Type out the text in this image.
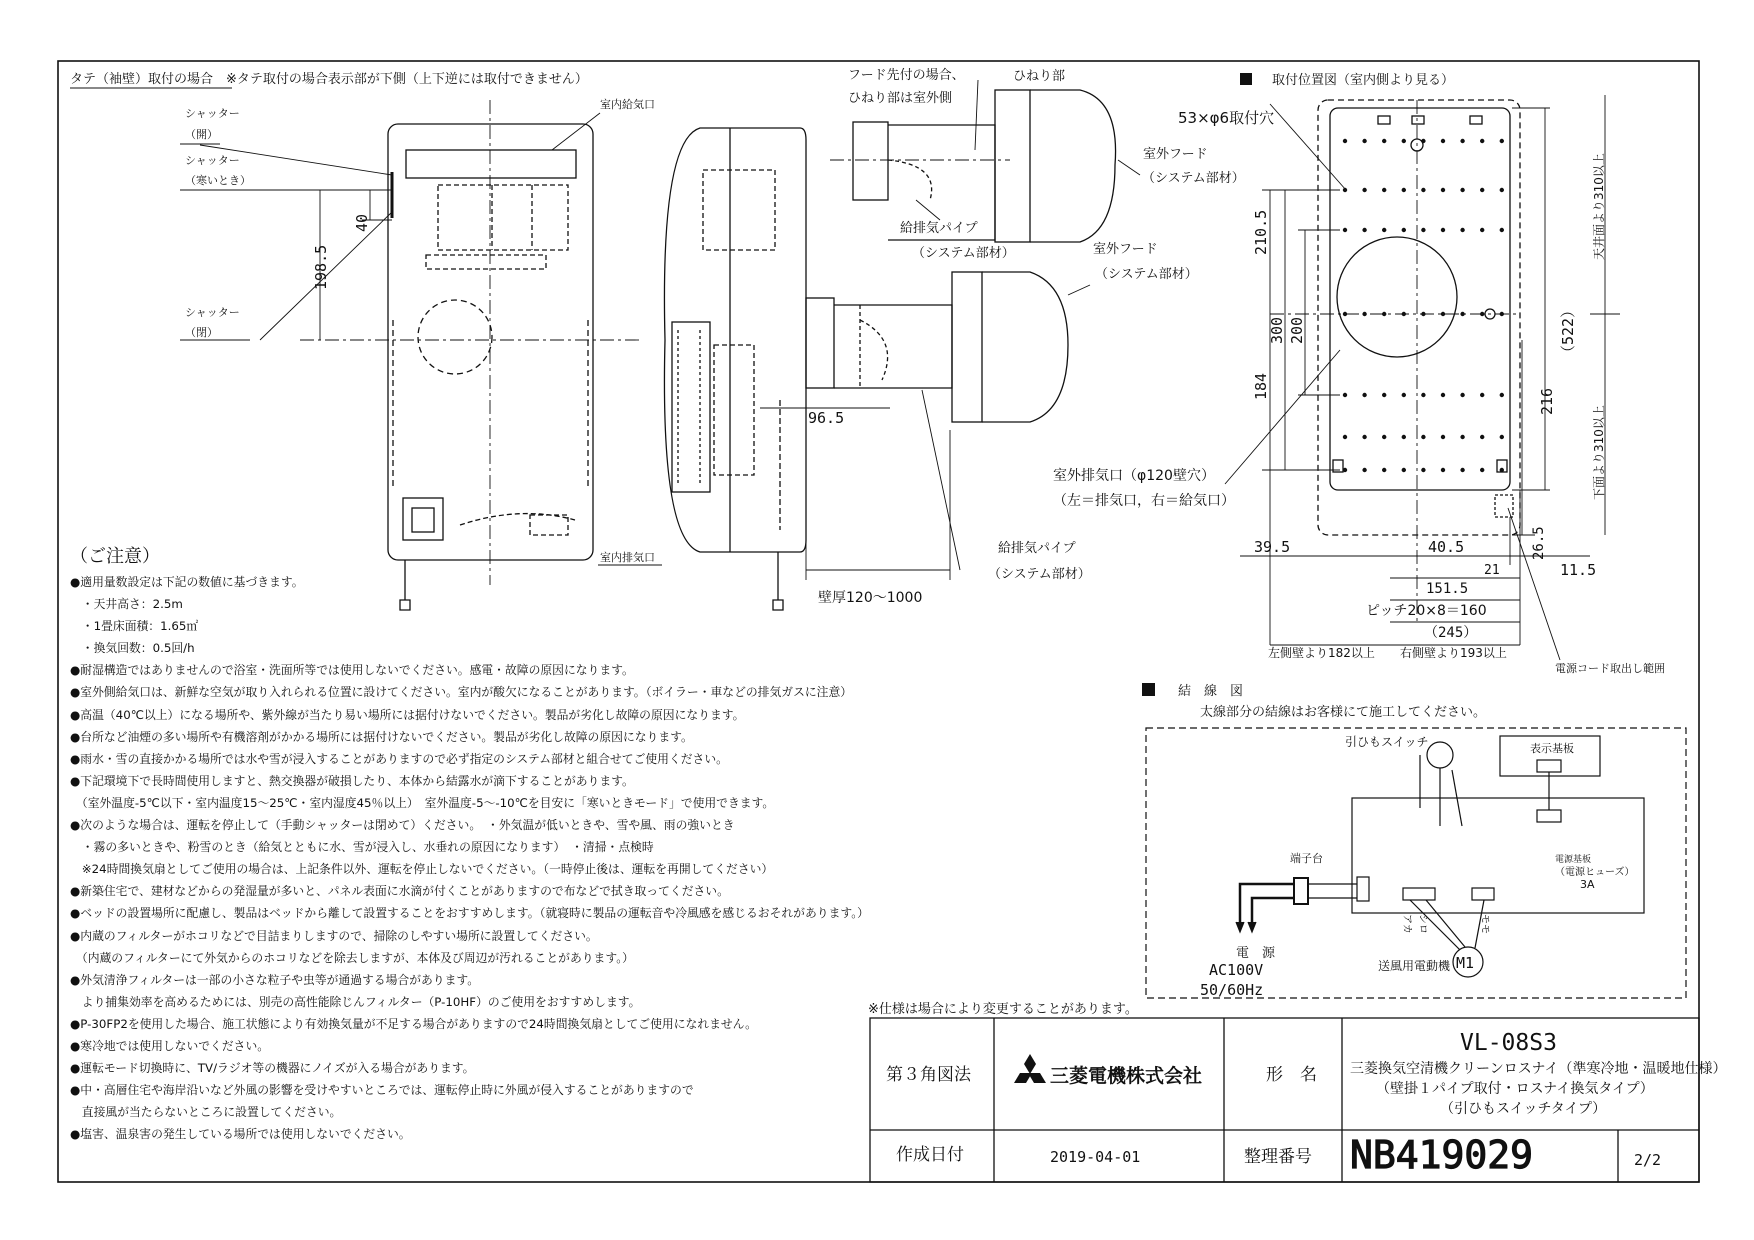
タテ（袖壁）取付の場合　※タテ取付の場合表示部が下側（上下逆には取付できません）
シャッター
（開）
シャッター
（寒いとき）
シャッター
（閉）
室内給気口
室内排気口
198.5
40
96.5
壁厚120～1000
給排気パイプ
（システム部材）
室外フード
（システム部材）
フード先付の場合、
ひねり部は室外側
ひねり部
室外フード
（システム部材）
給排気パイプ
（システム部材）
取付位置図（室内側より見る）
53×φ6取付穴
210.5
300 200
184
（522）
216
天井面より310以上
下面より310以上
室外排気口（φ120壁穴）
（左＝排気口，右＝給気口）
39.5	40.5
21	11.5
26.5
151.5
ピッチ20×8＝160
（245）
左側壁より182以上 右側壁より193以上
電源コード取出し範囲
結　線　図
太線部分の結線はお客様にて施工してください。
引ひもスイッチ	表示基板
電源基板
（電源ヒューズ）
3A
端子台
電　源
AC100V
50/60Hz
送風用電動機 M1
アカ シロ	モモ
※仕様は場合により変更することがあります。
第３角図法	三菱電機株式会社	形　名
VL-08S3
三菱換気空清機クリーンロスナイ（準寒冷地・温暖地仕様）
（壁掛１パイプ取付・ロスナイ換気タイプ）
（引ひもスイッチタイプ）
作成日付	2019-04-01	整理番号 NB419029	2/2
（ご注意）
●適用量数設定は下記の数値に基づきます。
　・天井高さ：2.5m
　・1畳床面積：1.65㎡
　・換気回数：0.5回/h
●耐湿構造ではありませんので浴室・洗面所等では使用しないでください。感電・故障の原因になります。
●室外側給気口は、新鮮な空気が取り入れられる位置に設けてください。室内が酸欠になることがあります。（ボイラー・車などの排気ガスに注意）
●高温（40℃以上）になる場所や、紫外線が当たり易い場所には据付けないでください。製品が劣化し故障の原因になります。
●台所など油煙の多い場所や有機溶剤がかかる場所には据付けないでください。製品が劣化し故障の原因になります。
●雨水・雪の直接かかる場所では水や雪が浸入することがありますので必ず指定のシステム部材と組合せてご使用ください。
●下記環境下で長時間使用しますと、熱交換器が破損したり、本体から結露水が滴下することがあります。
　（室外温度-5℃以下・室内温度15～25℃・室内湿度45％以上）　室外温度-5～-10℃を目安に「寒いときモード」で使用できます。
●次のような場合は、運転を停止して（手動シャッターは閉めて）ください。　・外気温が低いときや、雪や風、雨の強いとき
　・霧の多いときや、粉雪のとき（給気とともに水、雪が浸入し、水垂れの原因になります）　・清掃・点検時
　※24時間換気扇としてご使用の場合は、上記条件以外、運転を停止しないでください。（一時停止後は、運転を再開してください）
●新築住宅で、建材などからの発湿量が多いと、パネル表面に水滴が付くことがありますので布などで拭き取ってください。
●ベッドの設置場所に配慮し、製品はベッドから離して設置することをおすすめします。（就寝時に製品の運転音や冷風感を感じるおそれがあります。）
●内蔵のフィルターがホコリなどで目詰まりしますので、掃除のしやすい場所に設置してください。
　（内蔵のフィルターにて外気からのホコリなどを除去しますが、本体及び周辺が汚れることがあります。）
●外気清浄フィルターは一部の小さな粒子や虫等が通過する場合があります。
　より捕集効率を高めるためには、別売の高性能除じんフィルター（P-10HF）のご使用をおすすめします。
●P-30FP2を使用した場合、施工状態により有効換気量が不足する場合がありますので24時間換気扇としてご使用になれません。
●寒冷地では使用しないでください。
●運転モード切換時に、TV/ラジオ等の機器にノイズが入る場合があります。
●中・高層住宅や海岸沿いなど外風の影響を受けやすいところでは、運転停止時に外風が侵入することがありますので
　直接風が当たらないところに設置してください。
●塩害、温泉害の発生している場所では使用しないでください。
